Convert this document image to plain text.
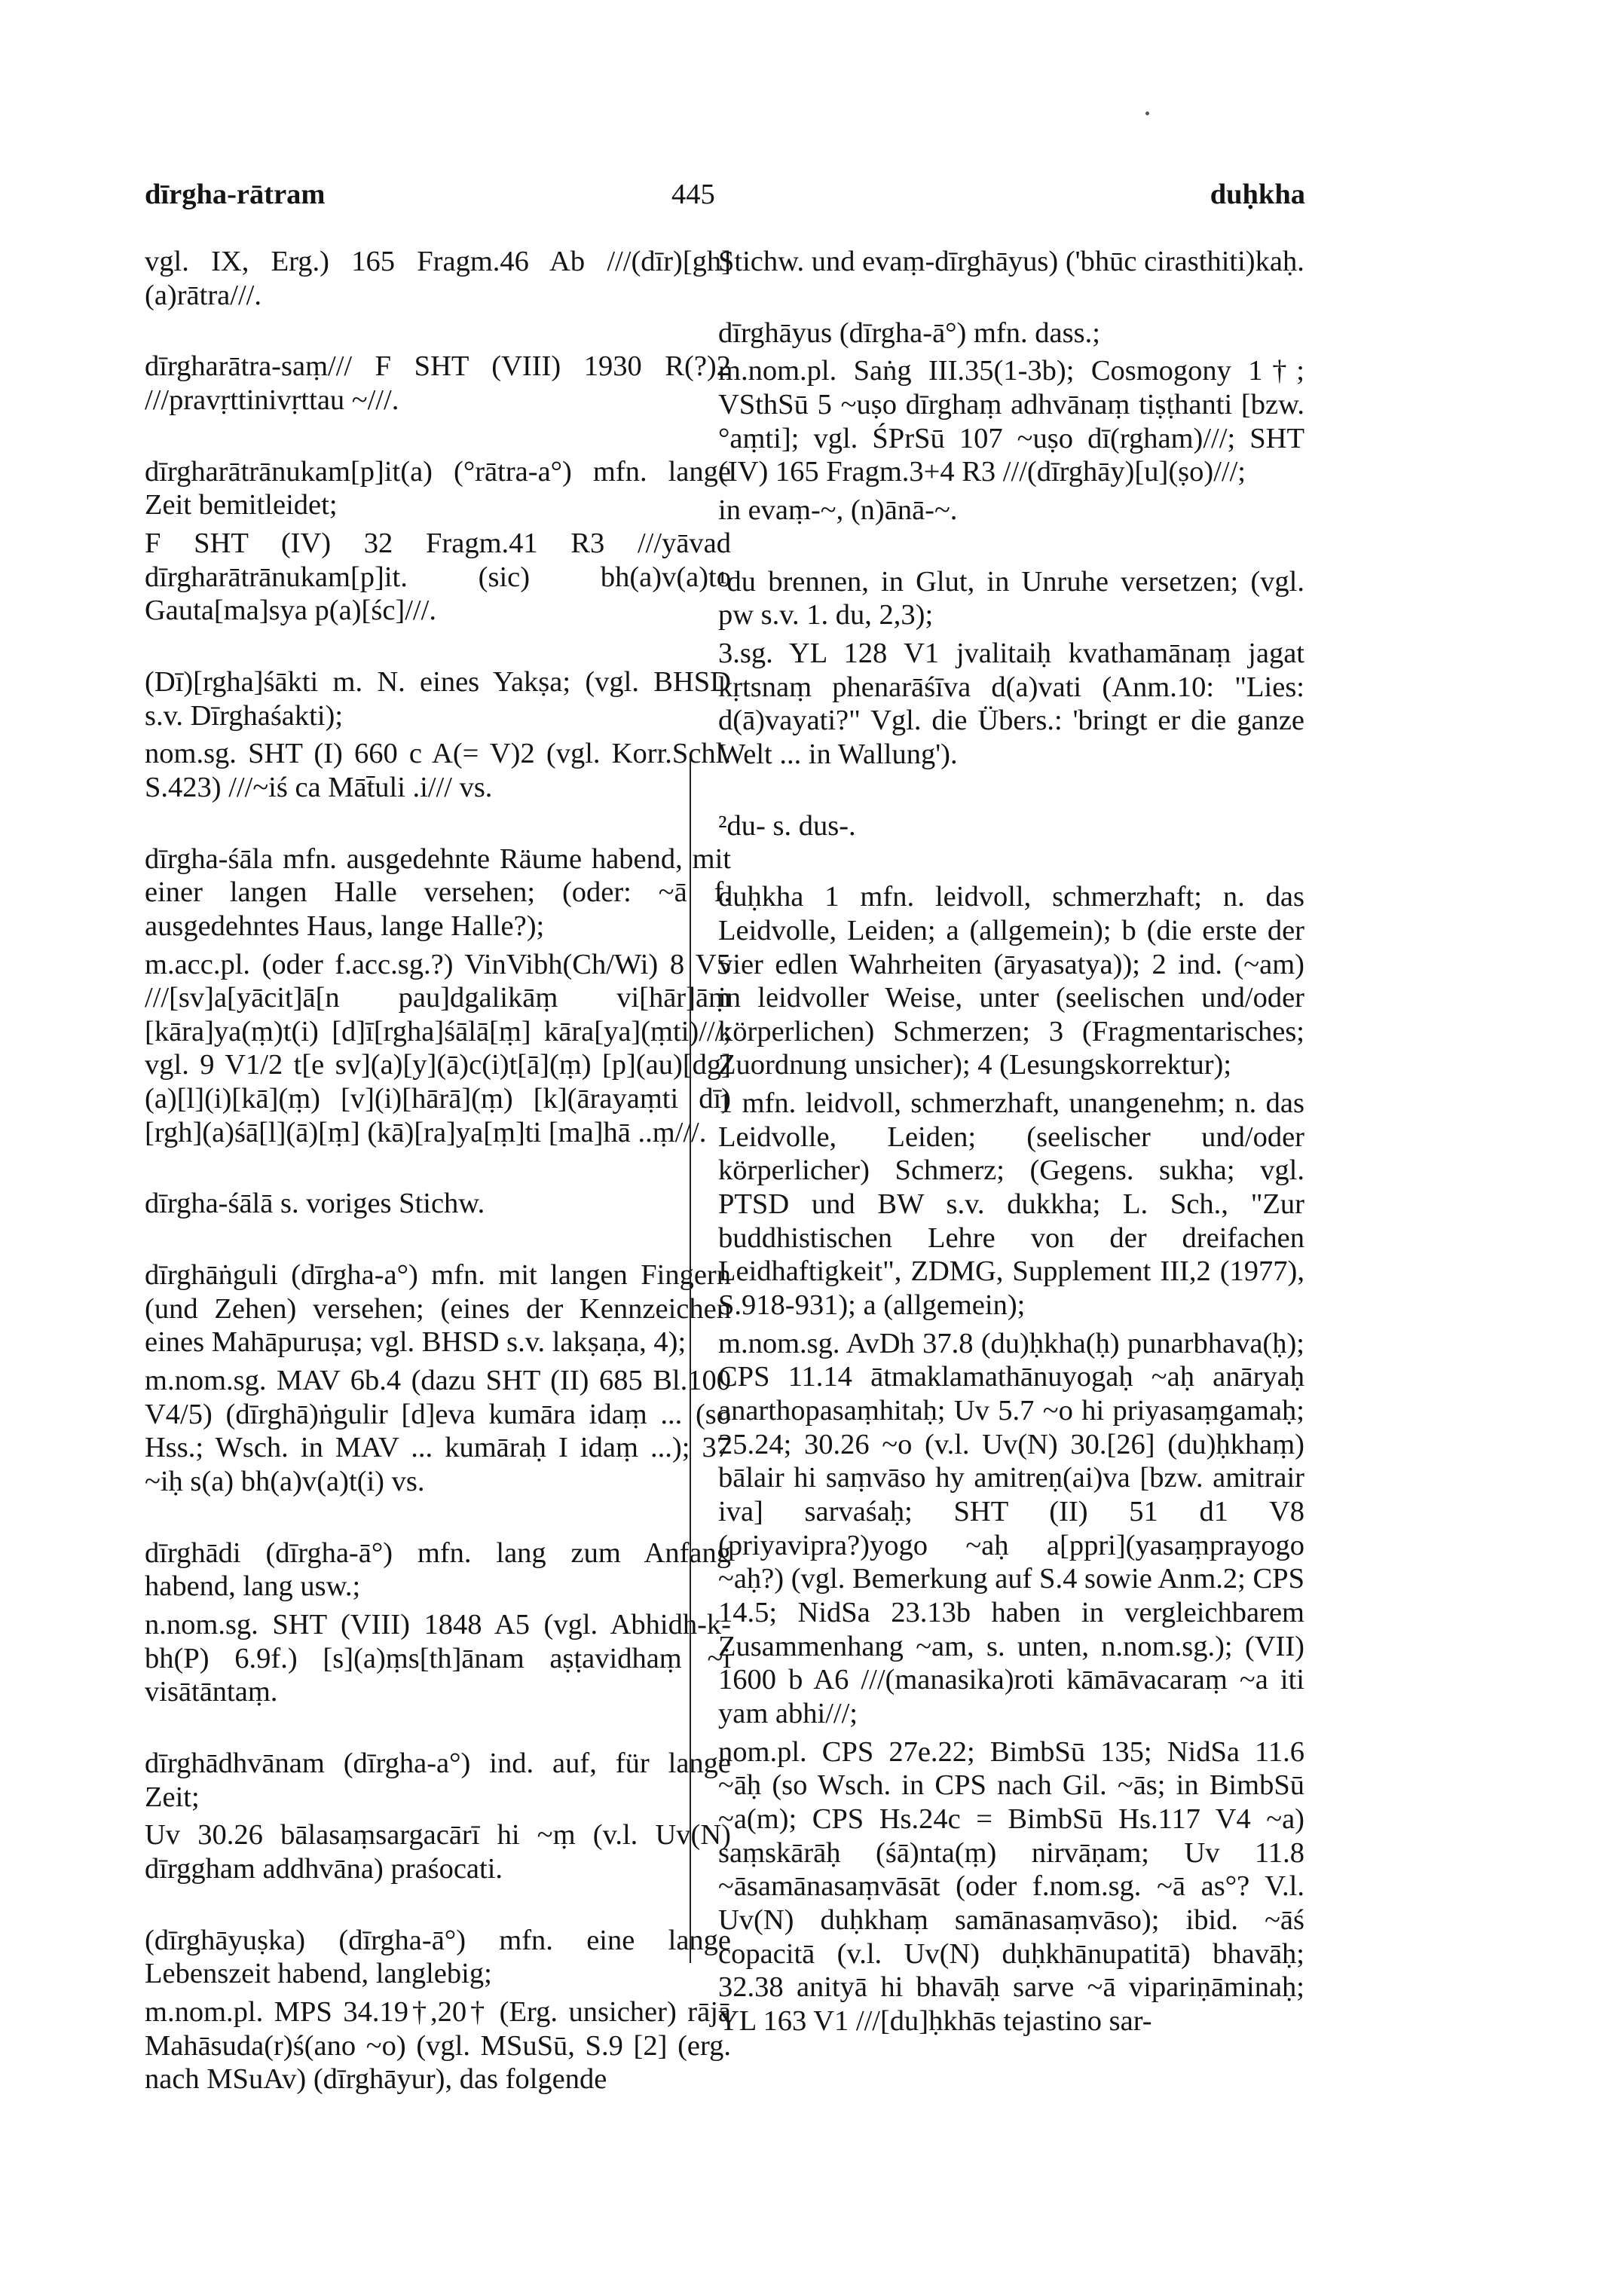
dīrgha-rātram	445	duḥkha

vgl. IX, Erg.) 165 Fragm.46 Ab ///(dīr)[gh](a)rātra///.

dīrgharātra-saṃ/// F SHT (VIII) 1930 R(?)2 ///pravṛttinivṛttau ~///.

dīrgharātrānukam[p]it(a) (°rātra-a°) mfn. lange Zeit bemitleidet;

F SHT (IV) 32 Fragm.41 R3 ///yāvad dīrgharātrānukam[p]it. (sic) bh(a)v(a)to Gauta[ma]sya p(a)[śc]///.

(Dī)[rgha]śākti m. N. eines Yakṣa; (vgl. BHSD s.v. Dīrghaśakti);

nom.sg. SHT (I) 660 c A(= V)2 (vgl. Korr.Schl. S.423) ///~iś ca Māt̄uli .i/// vs.

dīrgha-śāla mfn. ausgedehnte Räume habend, mit einer langen Halle versehen; (oder: ~ā f. ausgedehntes Haus, lange Halle?);

m.acc.pl. (oder f.acc.sg.?) VinVibh(Ch/Wi) 8 V5 ///[sv]a[yācit]ā[n pau]dgalikāṃ vi[hār]āṃ [kāra]ya(ṃ)t(i) [d]ī[rgha]śālā[ṃ] kāra[ya](ṃti)///; vgl. 9 V1/2 t[e sv](a)[y](ā)c(i)t[ā](ṃ) [p](au)[dg](a)[l](i)[kā](ṃ) [v](i)[hārā](ṃ) [k](ārayaṃti dī)[rgh](a)śā[l](ā)[ṃ] (kā)[ra]ya[ṃ]ti [ma]hā ..ṃ///.

dīrgha-śālā s. voriges Stichw.

dīrghāṅguli (dīrgha-a°) mfn. mit langen Fingern (und Zehen) versehen; (eines der Kennzeichen eines Mahāpuruṣa; vgl. BHSD s.v. lakṣaṇa, 4);

m.nom.sg. MAV 6b.4 (dazu SHT (II) 685 Bl.100 V4/5) (dīrghā)ṅgulir [d]eva kumāra idaṃ ... (so Hss.; Wsch. in MAV ... kumāraḥ I idaṃ ...); 37 ~iḥ s(a) bh(a)v(a)t(i) vs.

dīrghādi (dīrgha-ā°) mfn. lang zum Anfang habend, lang usw.;

n.nom.sg. SHT (VIII) 1848 A5 (vgl. Abhidh-k-bh(P) 6.9f.) [s](a)ṃs[th]ānam aṣṭavidhaṃ ~i visātāntaṃ.

dīrghādhvānam (dīrgha-a°) ind. auf, für lange Zeit;

Uv 30.26 bālasaṃsargacārī hi ~ṃ (v.l. Uv(N) dīrggham addhvāna) praśocati.

(dīrghāyuṣka) (dīrgha-ā°) mfn. eine lange Lebenszeit habend, langlebig;

m.nom.pl. MPS 34.19†,20† (Erg. unsicher) rājā Mahāsuda(r)ś(ano ~o) (vgl. MSuSū, S.9 [2] (erg. nach MSuAv) (dīrghāyur), das folgende

Stichw. und evaṃ-dīrghāyus) ('bhūc cirasthiti)kaḥ.

dīrghāyus (dīrgha-ā°) mfn. dass.;

m.nom.pl. Saṅg III.35(1-3b); Cosmogony 1†; VSthSū 5 ~uṣo dīrghaṃ adhvānaṃ tiṣṭhanti [bzw. °aṃti]; vgl. ŚPrSū 107 ~uṣo dī(rgham)///; SHT (IV) 165 Fragm.3+4 R3 ///(dīrghāy)[u](ṣo)///;

in evaṃ-~, (n)ānā-~.

¹du brennen, in Glut, in Unruhe versetzen; (vgl. pw s.v. 1. du, 2,3);

3.sg. YL 128 V1 jvalitaiḥ kvathamānaṃ jagat kṛtsnaṃ phenarāśīva d(a)vati (Anm.10: "Lies: d(ā)vayati?" Vgl. die Übers.: 'bringt er die ganze Welt ... in Wallung').

²du- s. dus-.

duḥkha 1 mfn. leidvoll, schmerzhaft; n. das Leidvolle, Leiden; a (allgemein); b (die erste der vier edlen Wahrheiten (āryasatya)); 2 ind. (~am) in leidvoller Weise, unter (seelischen und/oder körperlichen) Schmerzen; 3 (Fragmentarisches; Zuordnung unsicher); 4 (Lesungskorrektur);

1 mfn. leidvoll, schmerzhaft, unangenehm; n. das Leidvolle, Leiden; (seelischer und/oder körperlicher) Schmerz; (Gegens. sukha; vgl. PTSD und BW s.v. dukkha; L. Sch., "Zur buddhistischen Lehre von der dreifachen Leidhaftigkeit", ZDMG, Supplement III,2 (1977), S.918-931); a (allgemein);

m.nom.sg. AvDh 37.8 (du)ḥkha(ḥ) punarbhava(ḥ); CPS 11.14 ātmaklamathānuyogaḥ ~aḥ anāryaḥ anarthopasaṃhitaḥ; Uv 5.7 ~o hi priyasaṃgamaḥ; 25.24; 30.26 ~o (v.l. Uv(N) 30.[26] (du)ḥkhaṃ) bālair hi saṃvāso hy amitreṇ(ai)va [bzw. amitrair iva] sarvaśaḥ; SHT (II) 51 d1 V8 (priyavipra?)yogo ~aḥ a[ppri](yasaṃprayogo ~aḥ?) (vgl. Bemerkung auf S.4 sowie Anm.2; CPS 14.5; NidSa 23.13b haben in vergleichbarem Zusammenhang ~am, s. unten, n.nom.sg.); (VII) 1600 b A6 ///(manasika)roti kāmāvacaraṃ ~a iti yam abhi///;

nom.pl. CPS 27e.22; BimbSū 135; NidSa 11.6 ~āḥ (so Wsch. in CPS nach Gil. ~ās; in BimbSū ~a(m); CPS Hs.24c = BimbSū Hs.117 V4 ~a) saṃskārāḥ (śā)nta(ṃ) nirvāṇam; Uv 11.8 ~āsamānasaṃvāsāt (oder f.nom.sg. ~ā as°? V.l. Uv(N) duḥkhaṃ samānasaṃvāso); ibid. ~āś copacitā (v.l. Uv(N) duḥkhānupatitā) bhavāḥ; 32.38 anityā hi bhavāḥ sarve ~ā vipariṇāminaḥ; YL 163 V1 ///[du]ḥkhās tejastino sar-
